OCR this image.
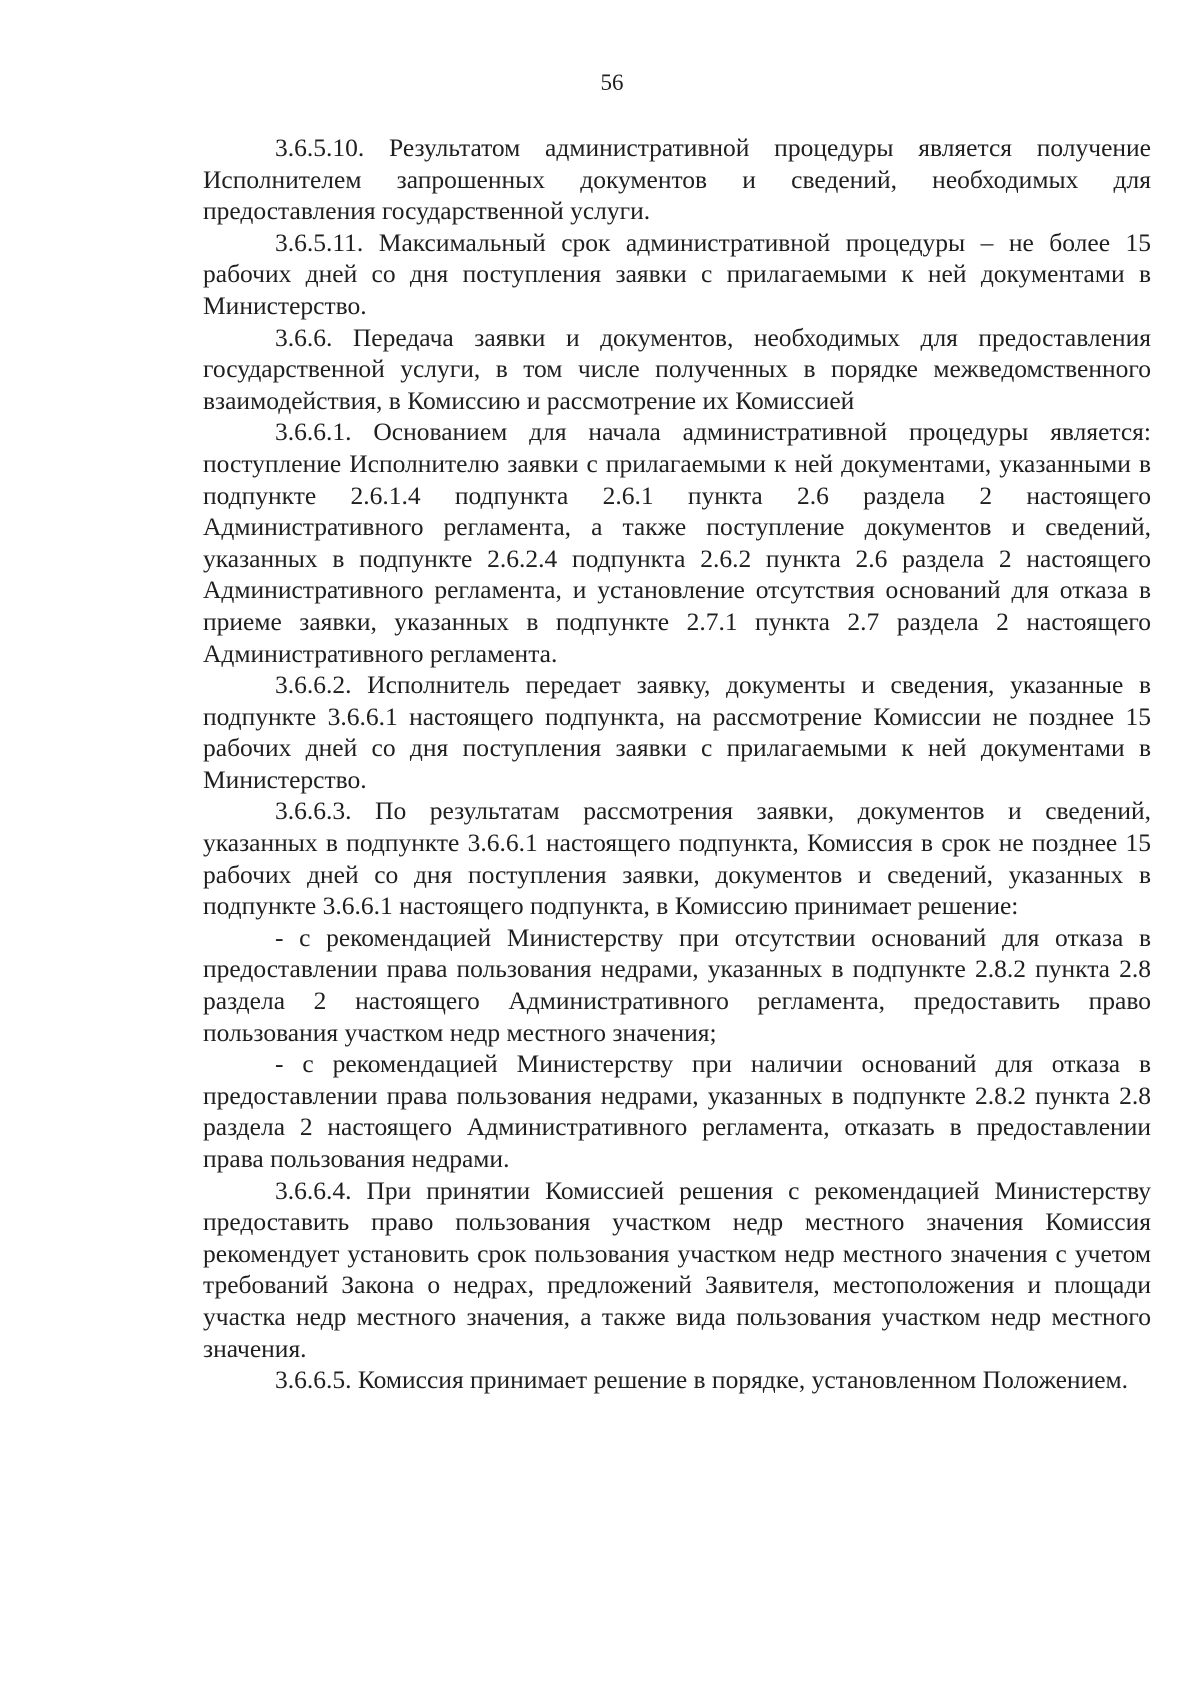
56

3.6.5.10. Результатом административной процедуры является получение Исполнителем запрошенных документов и сведений, необходимых для предоставления государственной услуги.

3.6.5.11. Максимальный срок административной процедуры – не более 15 рабочих дней со дня поступления заявки с прилагаемыми к ней документами в Министерство.

3.6.6. Передача заявки и документов, необходимых для предоставления государственной услуги, в том числе полученных в порядке межведомственного взаимодействия, в Комиссию и рассмотрение их Комиссией

3.6.6.1. Основанием для начала административной процедуры является: поступление Исполнителю заявки с прилагаемыми к ней документами, указанными в подпункте 2.6.1.4 подпункта 2.6.1 пункта 2.6 раздела 2 настоящего Административного регламента, а также поступление документов и сведений, указанных в подпункте 2.6.2.4 подпункта 2.6.2 пункта 2.6 раздела 2 настоящего Административного регламента, и установление отсутствия оснований для отказа в приеме заявки, указанных в подпункте 2.7.1 пункта 2.7 раздела 2 настоящего Административного регламента.

3.6.6.2. Исполнитель передает заявку, документы и сведения, указанные в подпункте 3.6.6.1 настоящего подпункта, на рассмотрение Комиссии не позднее 15 рабочих дней со дня поступления заявки с прилагаемыми к ней документами в Министерство.

3.6.6.3. По результатам рассмотрения заявки, документов и сведений, указанных в подпункте 3.6.6.1 настоящего подпункта, Комиссия в срок не позднее 15 рабочих дней со дня поступления заявки, документов и сведений, указанных в подпункте 3.6.6.1 настоящего подпункта, в Комиссию принимает решение:

- с рекомендацией Министерству при отсутствии оснований для отказа в предоставлении права пользования недрами, указанных в подпункте 2.8.2 пункта 2.8 раздела 2 настоящего Административного регламента, предоставить право пользования участком недр местного значения;

- с рекомендацией Министерству при наличии оснований для отказа в предоставлении права пользования недрами, указанных в подпункте 2.8.2 пункта 2.8 раздела 2 настоящего Административного регламента, отказать в предоставлении права пользования недрами.

3.6.6.4. При принятии Комиссией решения с рекомендацией Министерству предоставить право пользования участком недр местного значения Комиссия рекомендует установить срок пользования участком недр местного значения с учетом требований Закона о недрах, предложений Заявителя, местоположения и площади участка недр местного значения, а также вида пользования участком недр местного значения.

3.6.6.5. Комиссия принимает решение в порядке, установленном Положением.
